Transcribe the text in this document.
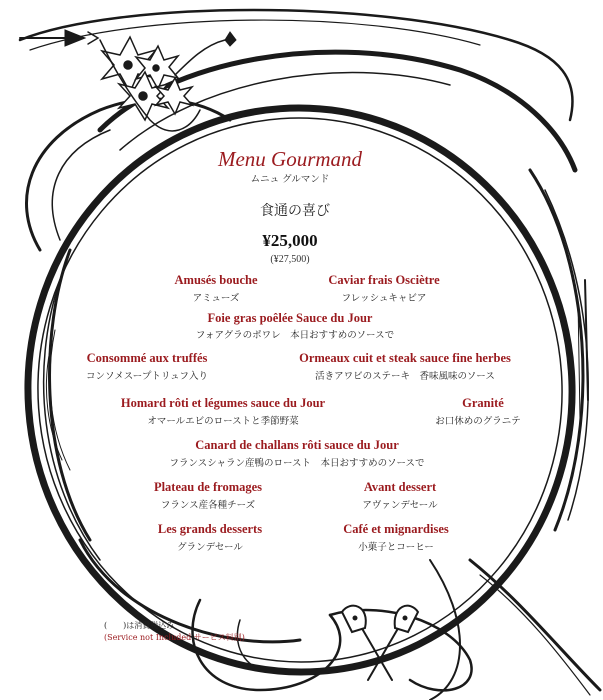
Menu Gourmand
ムニュ グルマンド
食通の喜び
¥25,000
(¥27,500)
Amusés bouche
アミューズ
Caviar frais Osciètre
フレッシュキャビア
Foie gras poêlée Sauce du Jour
フォアグラのポワレ　本日おすすめのソースで
Consommé aux truffés
コンソメスープトリュフ入り
Ormeaux cuit et steak sauce fine herbes
活きアワビのステーキ　香味風味のソース
Homard rôti et légumes sauce du Jour
オマールエビのローストと季節野菜
Granité
お口休めのグラニテ
Canard de challans rôti sauce du Jour
フランスシャラン産鴨のロースト　本日おすすめのソースで
Plateau de fromages
フランス産各種チーズ
Avant dessert
アヴァンデセール
Les grands desserts
グランデセール
Café et mignardises
小菓子とコーヒー
(　　)は消費税込み
(Service not Included サービス料別)
